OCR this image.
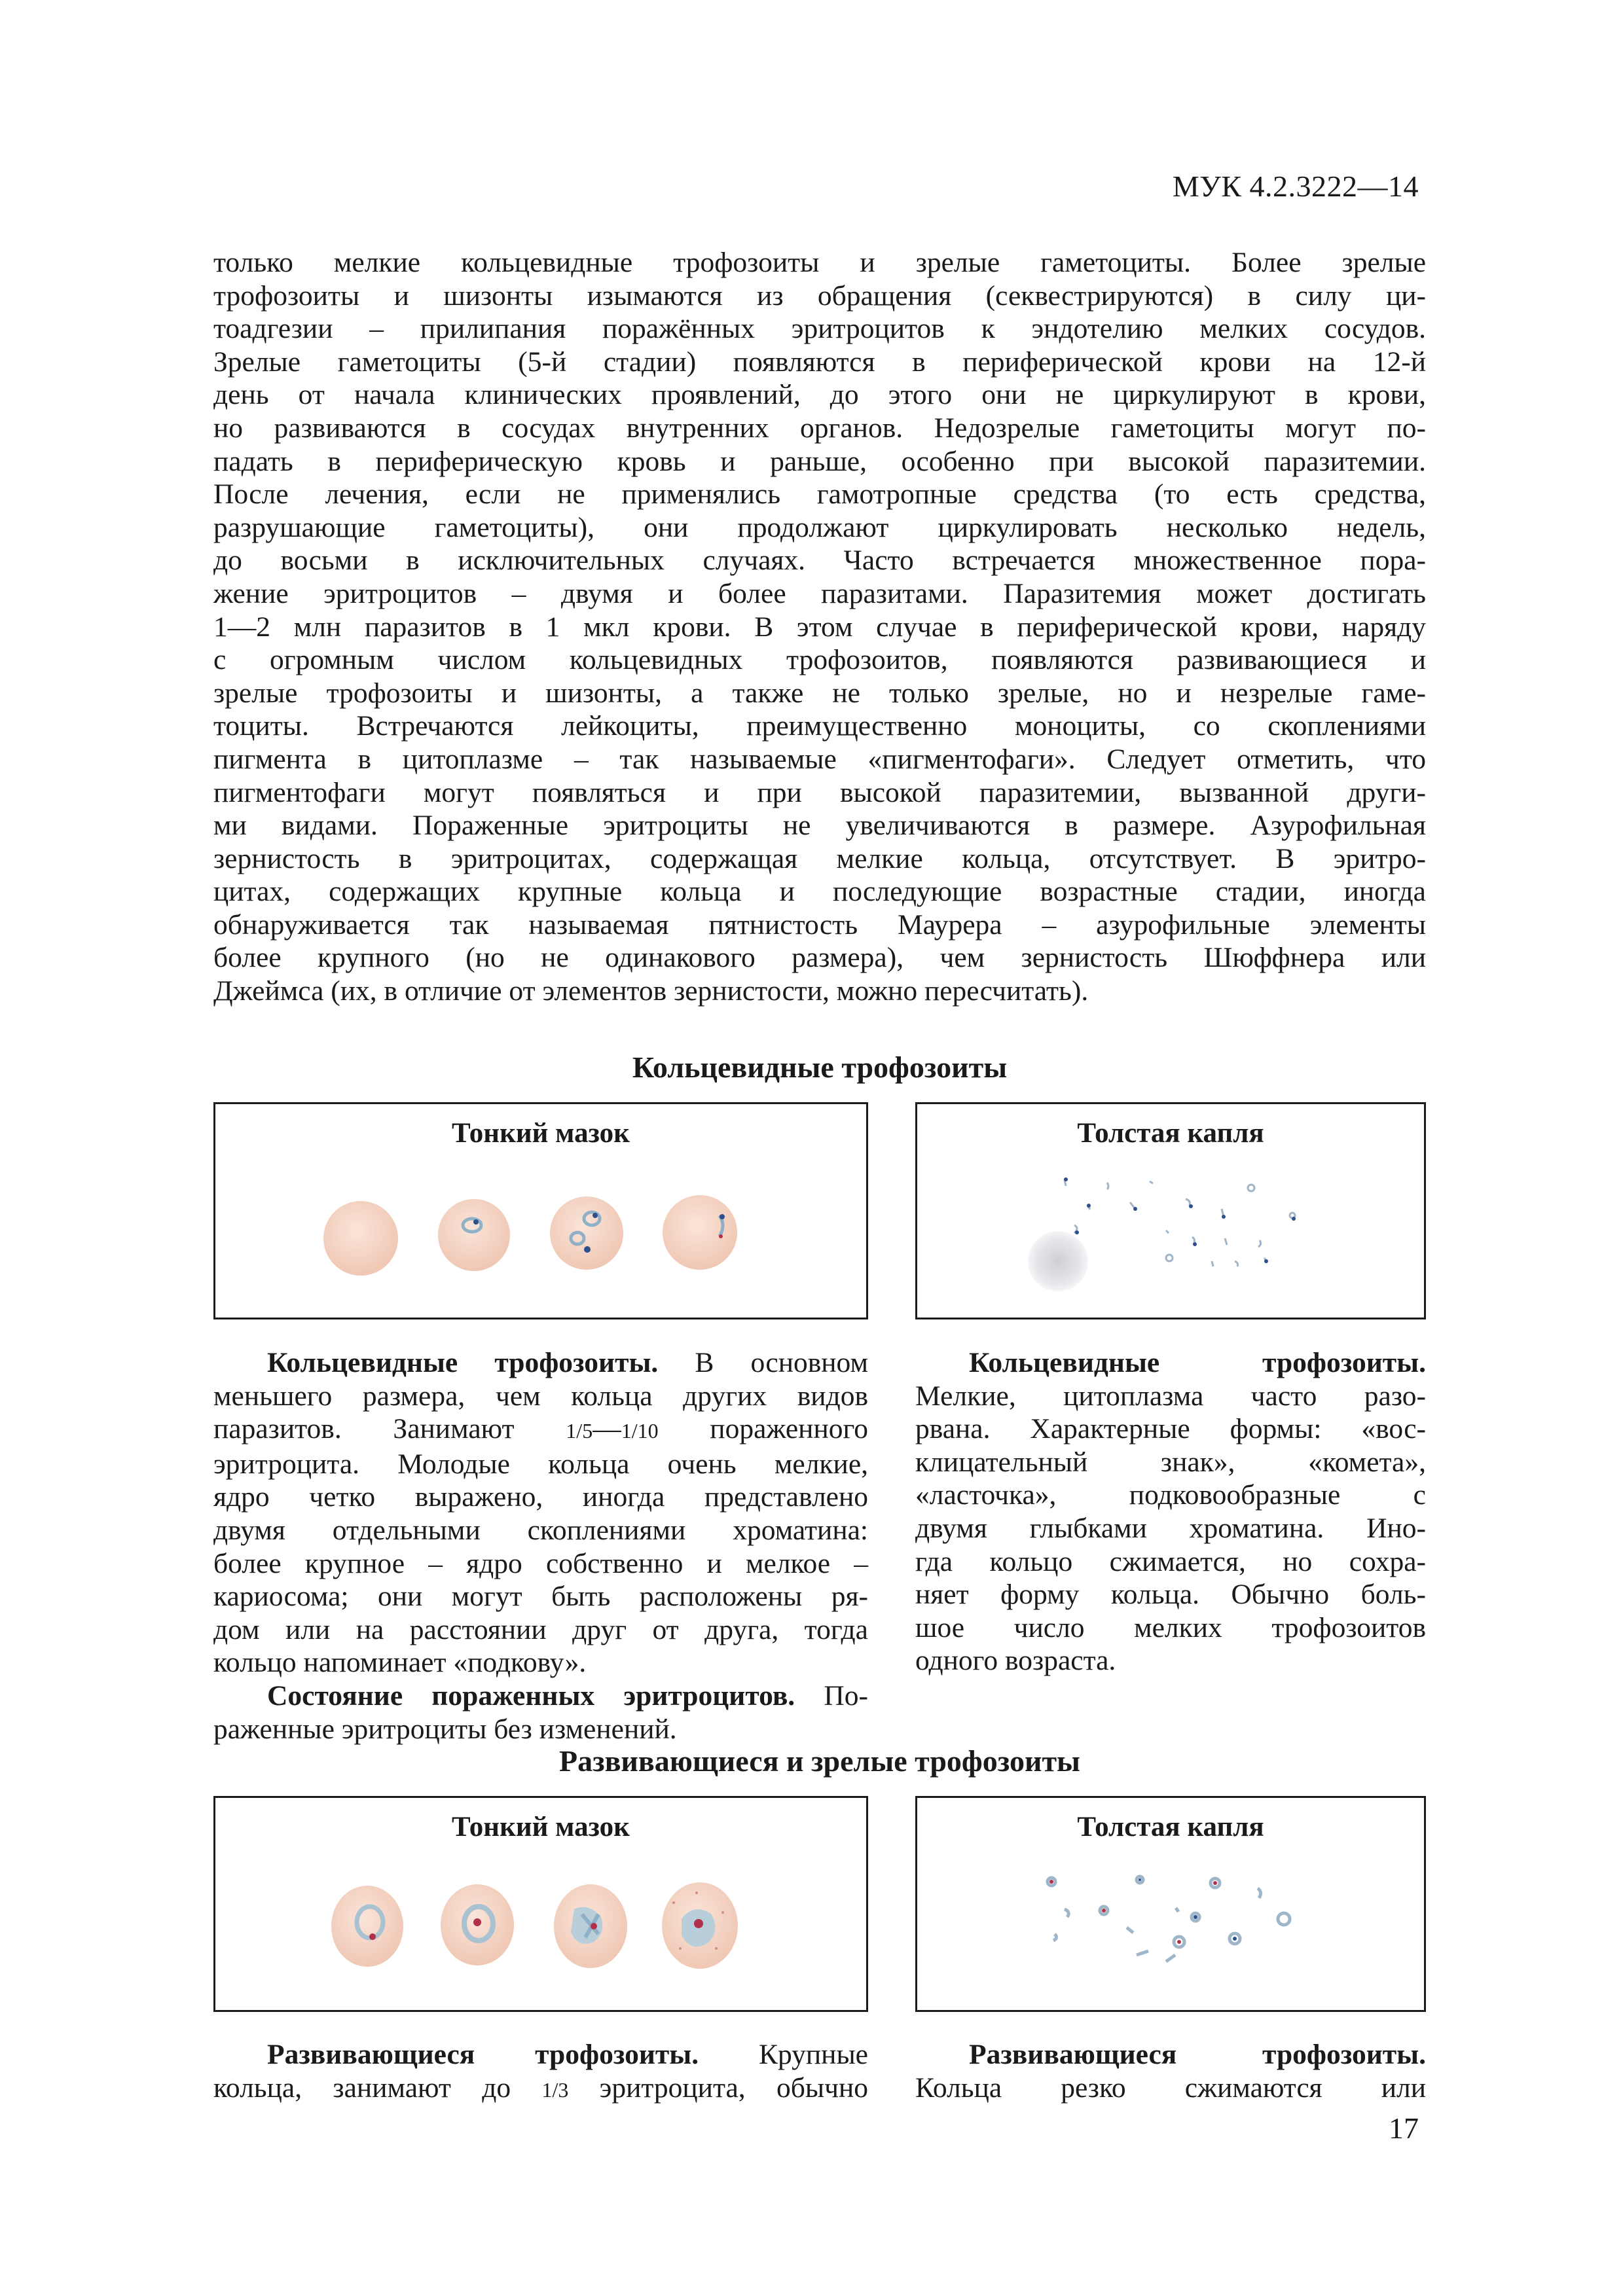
МУК 4.2.3222—14
только мелкие кольцевидные трофозоиты и зрелые гаметоциты. Более зрелые
трофозоиты и шизонты изымаются из обращения (секвестрируются) в силу ци-
тоадгезии – прилипания поражённых эритроцитов к эндотелию мелких сосудов.
Зрелые гаметоциты (5-й стадии) появляются в периферической крови на 12-й
день от начала клинических проявлений, до этого они не циркулируют в крови,
но развиваются в сосудах внутренних органов. Недозрелые гаметоциты могут по-
падать в периферическую кровь и раньше, особенно при высокой паразитемии.
После лечения, если не применялись гамотропные средства (то есть средства,
разрушающие гаметоциты), они продолжают циркулировать несколько недель,
до восьми в исключительных случаях. Часто встречается множественное пора-
жение эритроцитов – двумя и более паразитами. Паразитемия может достигать
1—2 млн паразитов в 1 мкл крови. В этом случае в периферической крови, наряду
с огромным числом кольцевидных трофозоитов, появляются развивающиеся и
зрелые трофозоиты и шизонты, а также не только зрелые, но и незрелые гаме-
тоциты. Встречаются лейкоциты, преимущественно моноциты, со скоплениями
пигмента в цитоплазме – так называемые «пигментофаги». Следует отметить, что
пигментофаги могут появляться и при высокой паразитемии, вызванной други-
ми видами. Пораженные эритроциты не увеличиваются в размере. Азурофильная
зернистость в эритроцитах, содержащая мелкие кольца, отсутствует. В эритро-
цитах, содержащих крупные кольца и последующие возрастные стадии, иногда
обнаруживается так называемая пятнистость Маурера – азурофильные элементы
более крупного (но не одинакового размера), чем зернистость Шюффнера или
Джеймса (их, в отличие от элементов зернистости, можно пересчитать).
Кольцевидные трофозоиты
Тонкий мазок	Толстая капля
Кольцевидные трофозоиты. В основном
меньшего размера, чем кольца других видов
паразитов. Занимают 1/5—1/10 пораженного
эритроцита. Молодые кольца очень мелкие,
ядро четко выражено, иногда представлено
двумя отдельными скоплениями хроматина:
более крупное – ядро собственно и мелкое –
кариосома; они могут быть расположены ря-
дом или на расстоянии друг от друга, тогда
кольцо напоминает «подкову».
Состояние пораженных эритроцитов. По-
раженные эритроциты без изменений.
Кольцевидные трофозоиты.
Мелкие, цитоплазма часто разо-
рвана. Характерные формы: «вос-
клицательный знак», «комета»,
«ласточка», подковообразные с
двумя глыбками хроматина. Ино-
гда кольцо сжимается, но сохра-
няет форму кольца. Обычно боль-
шое число мелких трофозоитов
одного возраста.
Развивающиеся и зрелые трофозоиты
Тонкий мазок	Толстая капля
Развивающиеся трофозоиты. Крупные
кольца, занимают до 1/3 эритроцита, обычно
Развивающиеся трофозоиты.
Кольца резко сжимаются или
17
